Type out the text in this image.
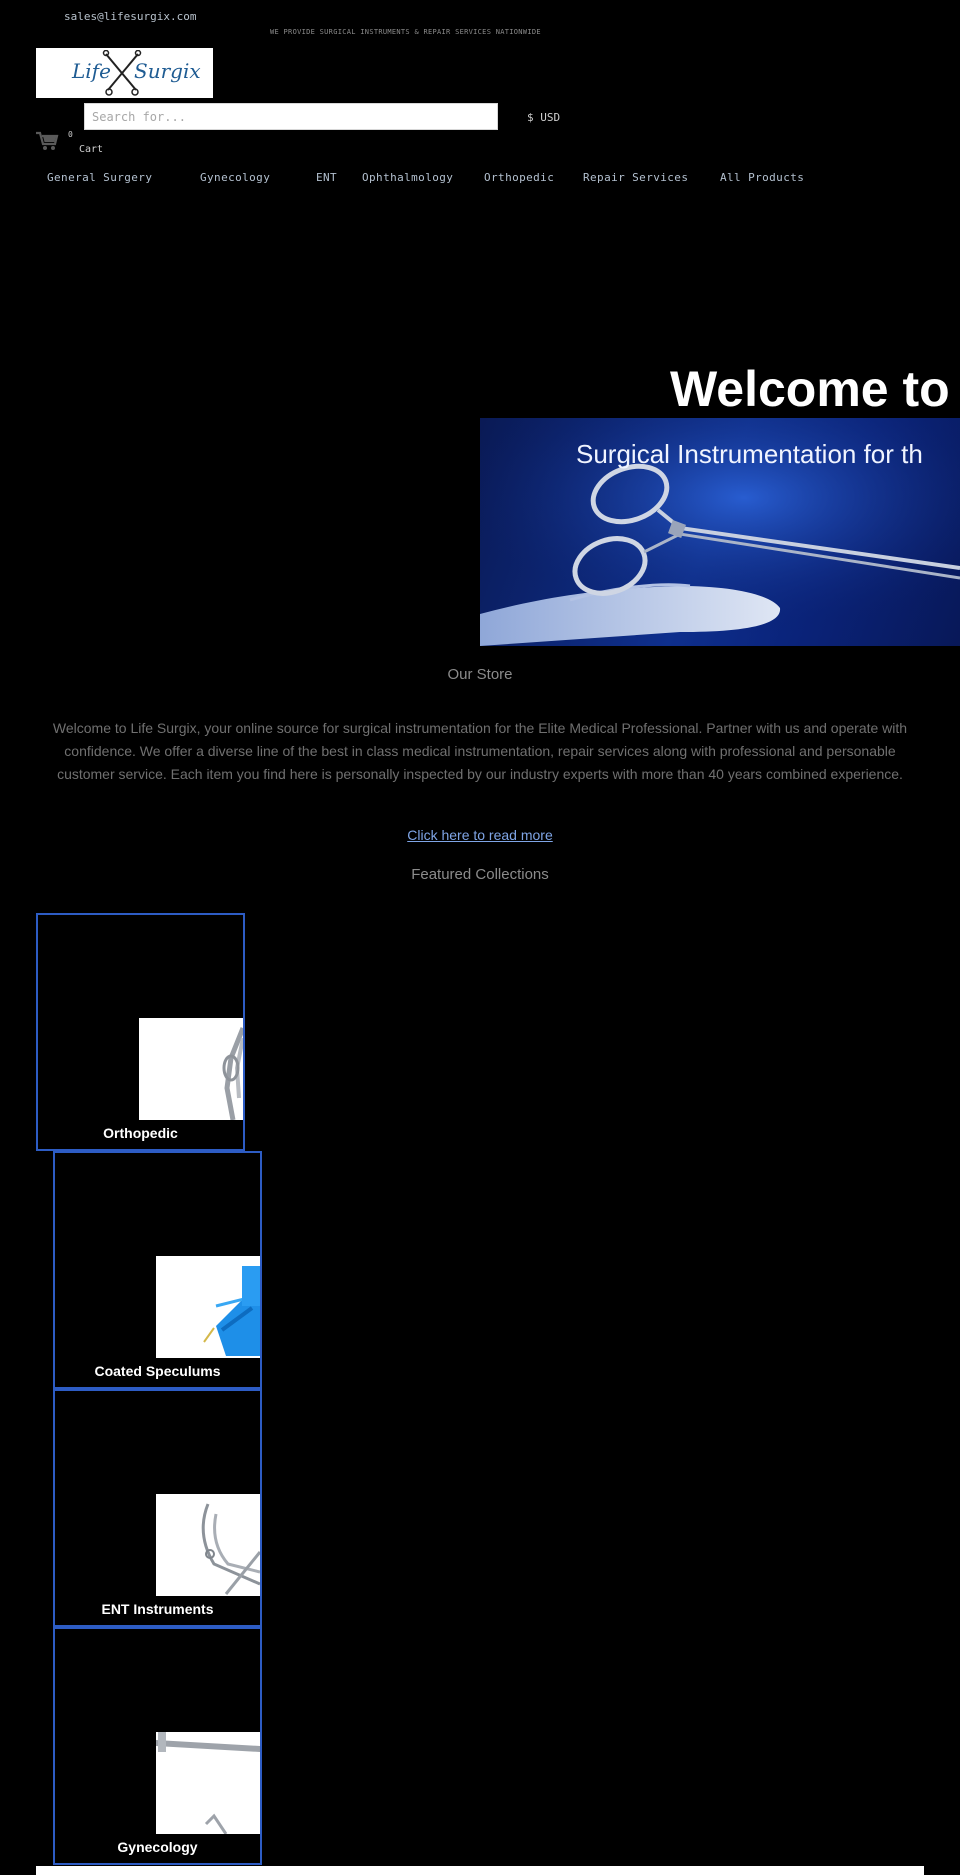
sales@lifesurgix.com
WE PROVIDE SURGICAL INSTRUMENTS & REPAIR SERVICES NATIONWIDE
Life Surgix
Search for...
$ USD
0
Cart
General Surgery	Gynecology	ENT Ophthalmology	Orthopedic	Repair Services	All Products
Welcome to
Surgical Instrumentation for th
Our Store
Welcome to Life Surgix, your online source for surgical instrumentation for the Elite Medical Professional. Partner with us and operate with confidence. We offer a diverse line of the best in class medical instrumentation, repair services along with professional and personable customer service. Each item you find here is personally inspected by our industry experts with more than 40 years combined experience.
Click here to read more
Featured Collections
Orthopedic
Coated Speculums
ENT Instruments
Gynecology
